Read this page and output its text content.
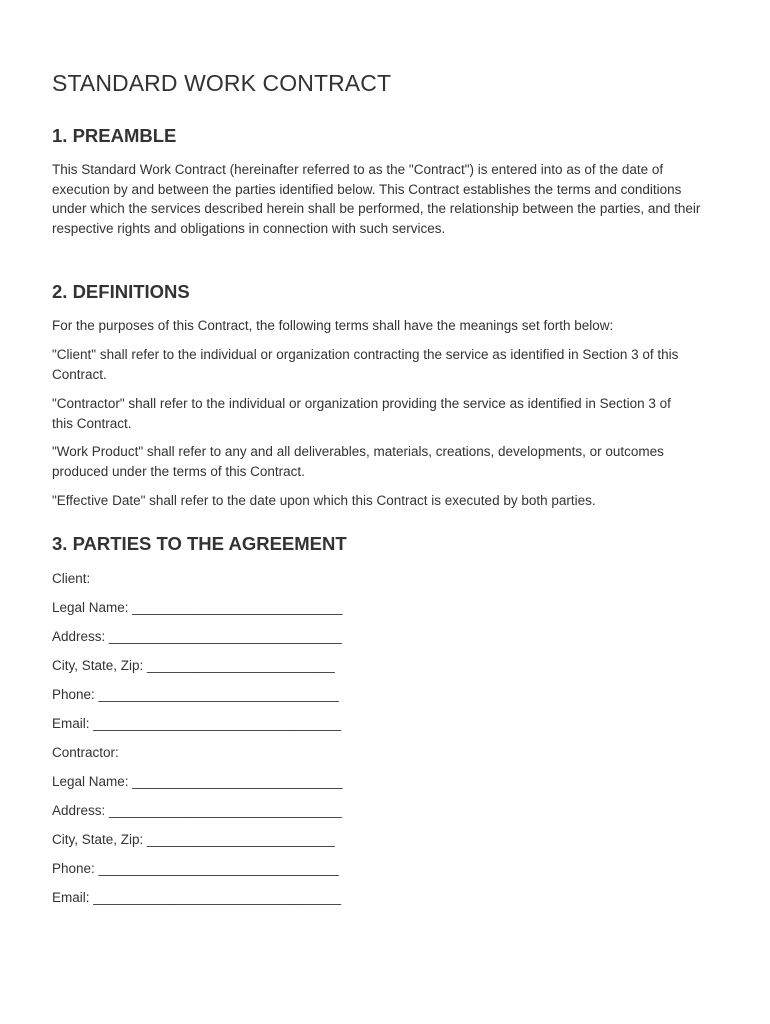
STANDARD WORK CONTRACT
1. PREAMBLE

This Standard Work Contract (hereinafter referred to as the "Contract") is entered into as of the date of execution by and between the parties identified below. This Contract establishes the terms and conditions under which the services described herein shall be performed, the relationship between the parties, and their respective rights and obligations in connection with such services.

2. DEFINITIONS

For the purposes of this Contract, the following terms shall have the meanings set forth below:

"Client" shall refer to the individual or organization contracting the service as identified in Section 3 of this Contract.

"Contractor" shall refer to the individual or organization providing the service as identified in Section 3 of this Contract.

"Work Product" shall refer to any and all deliverables, materials, creations, developments, or outcomes produced under the terms of this Contract.

"Effective Date" shall refer to the date upon which this Contract is executed by both parties.

3. PARTIES TO THE AGREEMENT

Client:

Legal Name: ____________________________

Address: _______________________________

City, State, Zip: _________________________

Phone: ________________________________

Email: _________________________________

Contractor:

Legal Name: ____________________________

Address: _______________________________

City, State, Zip: _________________________

Phone: ________________________________

Email: _________________________________
